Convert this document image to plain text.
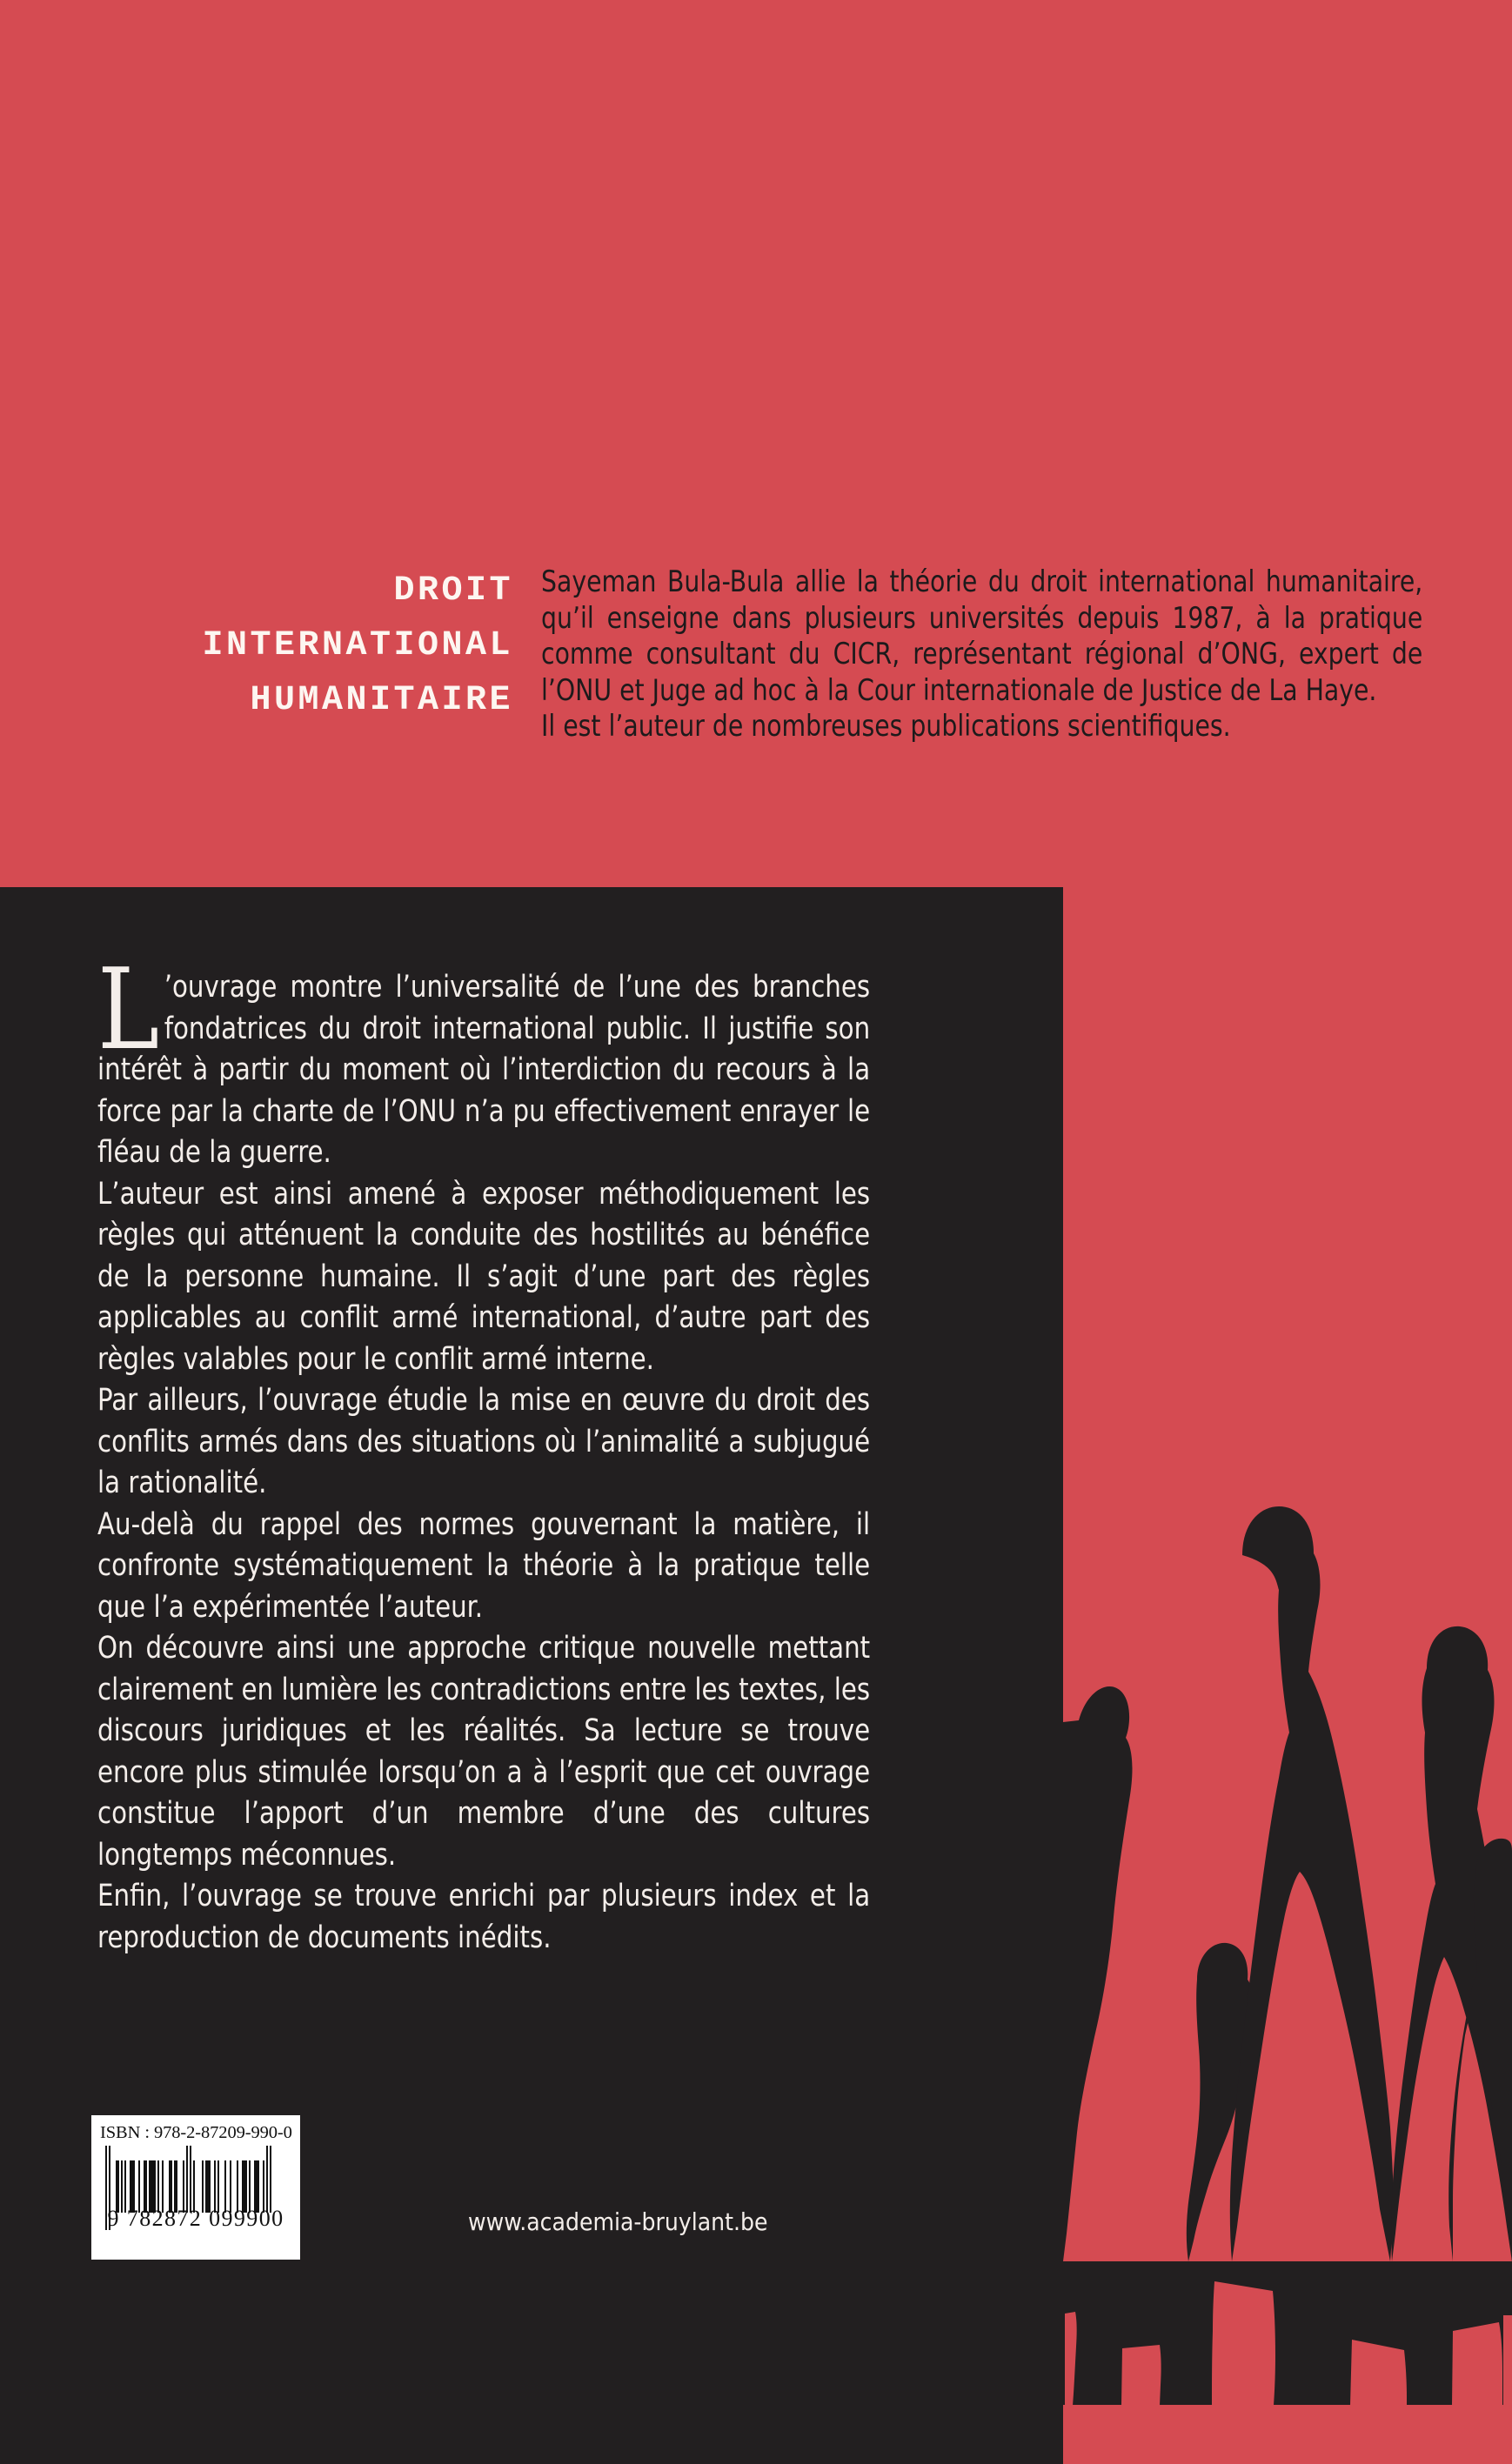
DROIT
INTERNATIONAL
HUMANITAIRE

Sayeman Bula-Bula allie la théorie du droit international humanitaire, qu’il enseigne dans plusieurs universités depuis 1987, à la pratique comme consultant du CICR, représentant régional d’ONG, expert de l’ONU et Juge ad hoc à la Cour internationale de Justice de La Haye.

Il est l’auteur de nombreuses publications scientifiques.

L ’ouvrage montre l’universalité de l’une des branches fondatrices du droit international public. Il justifie son intérêt à partir du moment où l’interdiction du recours à la force par la charte de l’ONU n’a pu effectivement enrayer le fléau de la guerre.

L’auteur est ainsi amené à exposer méthodiquement les règles qui atténuent la conduite des hostilités au bénéfice de la personne humaine. Il s’agit d’une part des règles applicables au conflit armé international, d’autre part des règles valables pour le conflit armé interne.

Par ailleurs, l’ouvrage étudie la mise en œuvre du droit des conflits armés dans des situations où l’animalité a subjugué la rationalité.

Au-delà du rappel des normes gouvernant la matière, il confronte systématiquement la théorie à la pratique telle que l’a expérimentée l’auteur.

On découvre ainsi une approche critique nouvelle mettant clairement en lumière les contradictions entre les textes, les discours juridiques et les réalités. Sa lecture se trouve encore plus stimulée lorsqu’on a à l’esprit que cet ouvrage constitue l’apport d’un membre d’une des cultures longtemps méconnues.

Enfin, l’ouvrage se trouve enrichi par plusieurs index et la reproduction de documents inédits.

ISBN : 978-2-87209-990-0
9 782872 099900	www.academia-bruylant.be
